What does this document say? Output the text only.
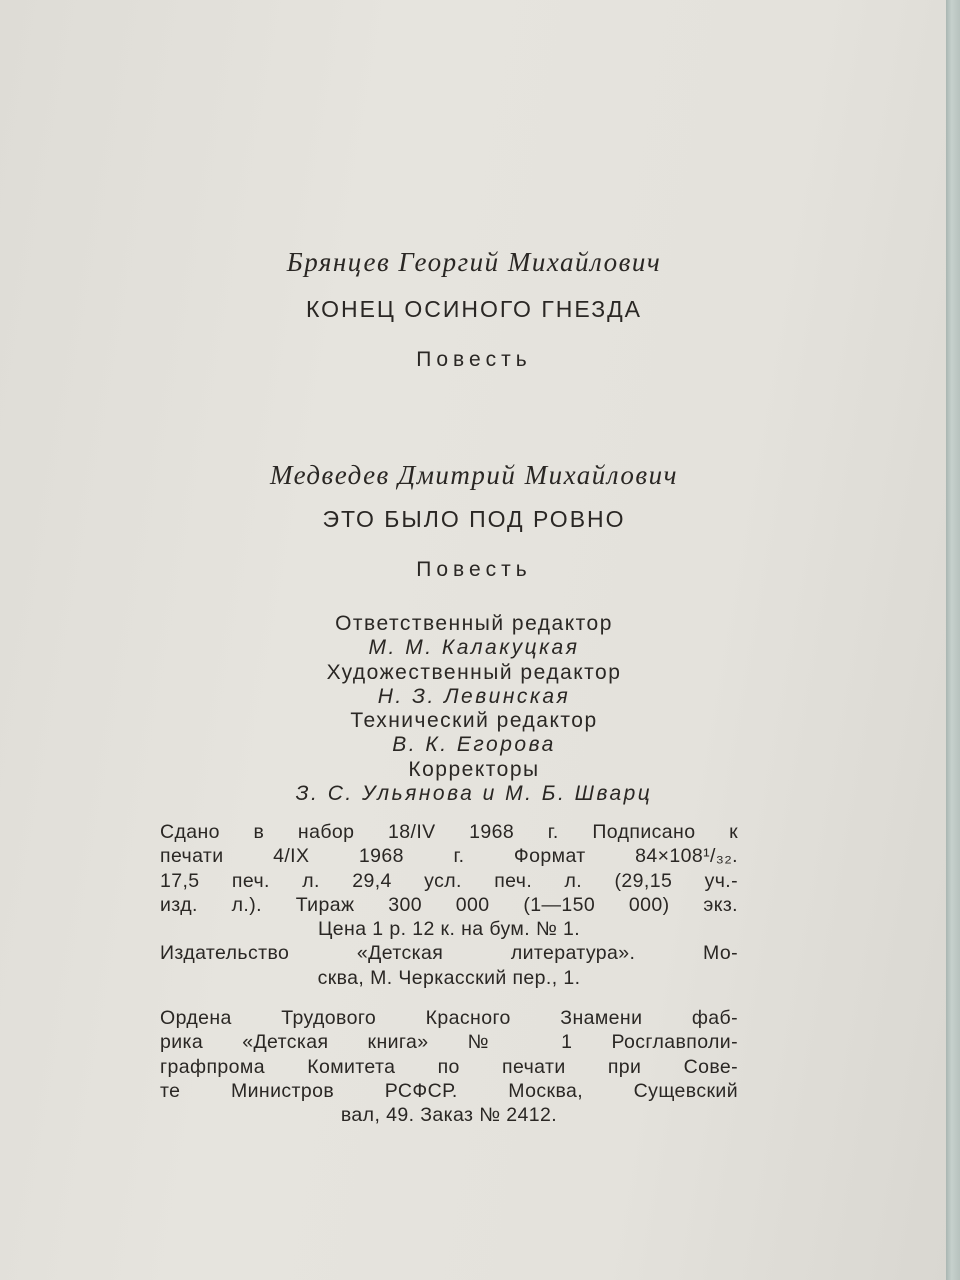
Брянцев Георгий Михайлович
КОНЕЦ ОСИНОГО ГНЕЗДА
Повесть
Медведев Дмитрий Михайлович
ЭТО БЫЛО ПОД РОВНО
Повесть
Ответственный редактор
М. М. Калакуцкая
Художественный редактор
Н. З. Левинская
Технический редактор
В. К. Егорова
Корректоры
З. С. Ульянова и М. Б. Шварц
Сдано в набор 18/IV 1968 г. Подписано к
печати 4/IX 1968 г. Формат 84×108¹/₃₂.
17,5 печ. л. 29,4 усл. печ. л. (29,15 уч.-
изд. л.). Тираж 300 000 (1—150 000) экз.
Цена 1 р. 12 к. на бум. № 1.
Издательство «Детская литература». Мо-
сква, М. Черкасский пер., 1.
Ордена Трудового Красного Знамени фаб-
рика «Детская книга» № 1 Росглавполи-
графпрома Комитета по печати при Сове-
те Министров РСФСР. Москва, Сущевский
вал, 49. Заказ № 2412.
